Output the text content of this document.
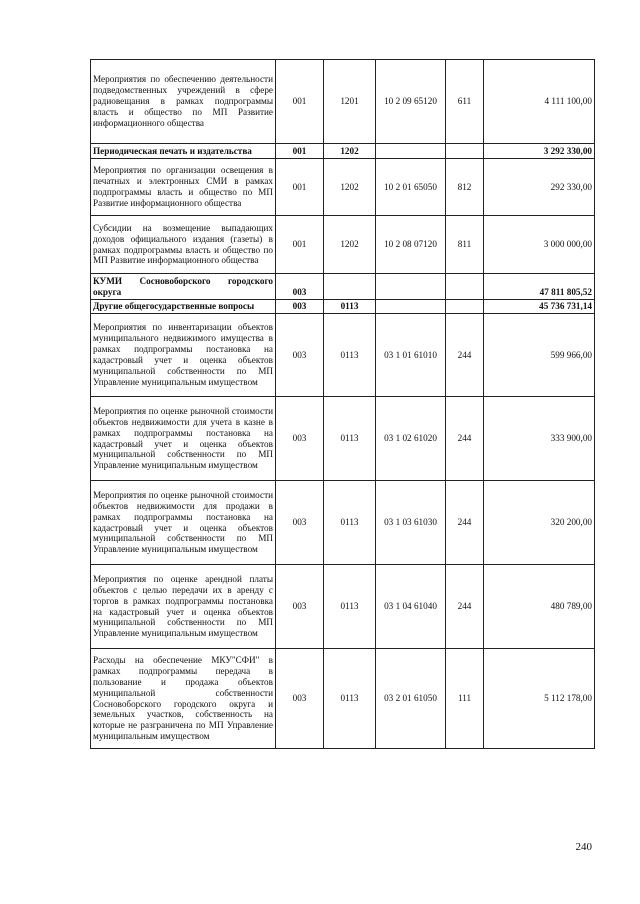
Мероприятия по обеспечению деятельности подведомственных учреждений в сфере радиовещания в рамках подпрограммы власть и общество по МП Развитие информационного общества	001	1201	10 2 09 65120	611	4 111 100,00
Периодическая печать и издательства	001	1202			3 292 330,00
Мероприятия по организации освещения в печатных и электронных СМИ в рамках подпрограммы власть и общество по МП Развитие информационного общества	001	1202	10 2 01 65050	812	292 330,00
Субсидии на возмещение выпадающих доходов официального издания (газеты) в рамках подпрограммы власть и общество по МП Развитие информационного общества	001	1202	10 2 08 07120	811	3 000 000,00
КУМИ Сосновоборского городского округа	003				47 811 805,52
Другие общегосударственные вопросы	003	0113			45 736 731,14
Мероприятия по инвентаризации объектов муниципального недвижимого имущества в рамках подпрограммы постановка на кадастровый учет и оценка объектов муниципальной собственности по МП Управление муниципальным имуществом	003	0113	03 1 01 61010	244	599 966,00
Мероприятия по оценке рыночной стоимости объектов недвижимости для учета в казне в рамках подпрограммы постановка на кадастровый учет и оценка объектов муниципальной собственности по МП Управление муниципальным имуществом	003	0113	03 1 02 61020	244	333 900,00
Мероприятия по оценке рыночной стоимости объектов недвижимости для продажи в рамках подпрограммы постановка на кадастровый учет и оценка объектов муниципальной собственности по МП Управление муниципальным имуществом	003	0113	03 1 03 61030	244	320 200,00
Мероприятия по оценке арендной платы объектов с целью передачи их в аренду с торгов в рамках подпрограммы постановка на кадастровый учет и оценка объектов муниципальной собственности по МП Управление муниципальным имуществом	003	0113	03 1 04 61040	244	480 789,00
Расходы на обеспечение МКУ"СФИ" в рамках подпрограммы передача в пользование и продажа объектов муниципальной собственности Сосновоборского городского округа и земельных участков, собственность на которые не разграничена по МП Управление муниципальным имуществом	003	0113	03 2 01 61050	111	5 112 178,00
240
